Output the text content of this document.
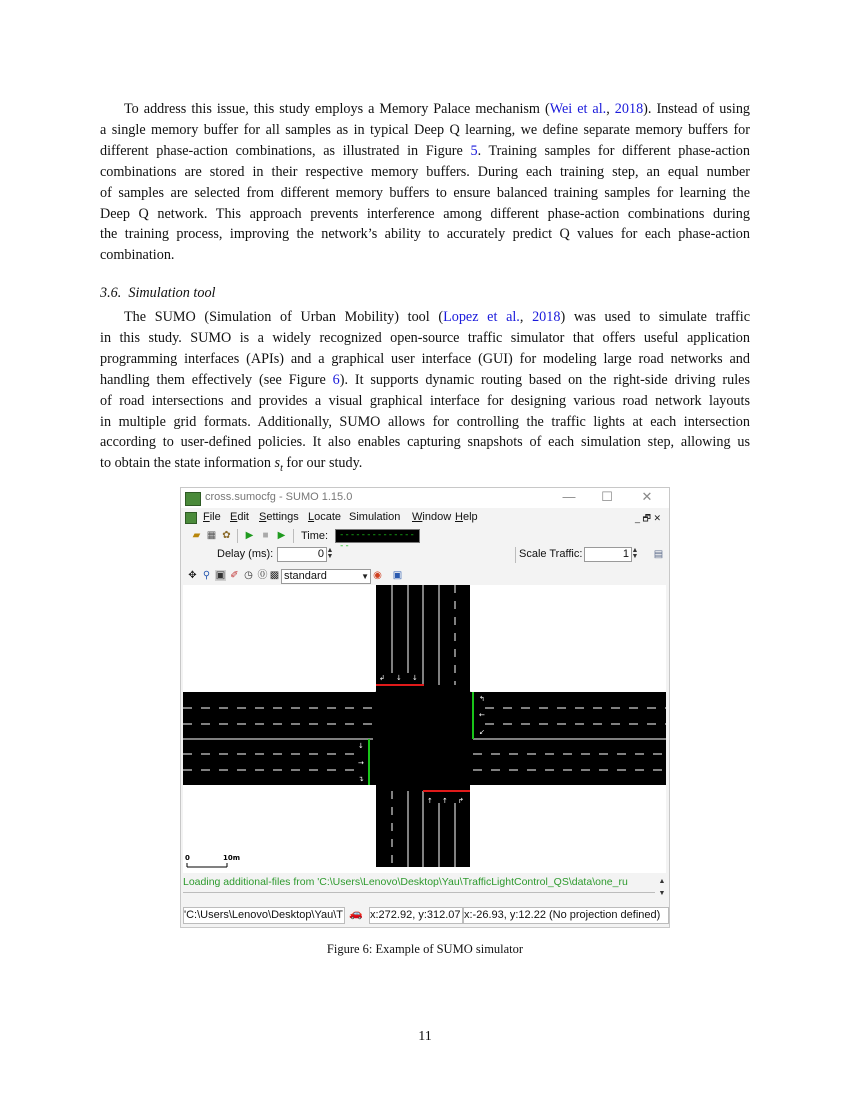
To address this issue, this study employs a Memory Palace mechanism (Wei et al., 2018). Instead of using
a single memory buffer for all samples as in typical Deep Q learning, we define separate memory buffers for
different phase-action combinations, as illustrated in Figure 5. Training samples for different phase-action
combinations are stored in their respective memory buffers. During each training step, an equal number
of samples are selected from different memory buffers to ensure balanced training samples for learning the
Deep Q network. This approach prevents interference among different phase-action combinations during
the training process, improving the network’s ability to accurately predict Q values for each phase-action
combination.
3.6. Simulation tool
The SUMO (Simulation of Urban Mobility) tool (Lopez et al., 2018) was used to simulate traffic
in this study. SUMO is a widely recognized open-source traffic simulator that offers useful application
programming interfaces (APIs) and a graphical user interface (GUI) for modeling large road networks and
handling them effectively (see Figure 6). It supports dynamic routing based on the right-side driving rules
of road intersections and provides a visual graphical interface for designing various road network layouts
in multiple grid formats. Additionally, SUMO allows for controlling the traffic lights at each intersection
according to user-defined policies. It also enables capturing snapshots of each simulation step, allowing us
to obtain the state information $s_t$ for our study.
cross.sumocfg - SUMO 1.15.0	—	☐	✕
File Edit Settings Locate Simulation Window Help	_ 🗗 ✕
▰ ▦ ✿ ▶ ■ ▶ Time: ----------------
Delay (ms):	0 ▲
▼	Scale Traffic:	1 ▲
▼ ▤
✥ ⚲ ▣ ✐ ◷ ⓪ ▩	◉ ▣
standard	▼
↲ ↓ ↓
↑ ↑ ↱
↰
←
↙
↓
→
↴
0	10m
Loading additional-files from 'C:\Users\Lenovo\Desktop\Yau\TrafficLightControl_QS\data\one_ru	▲
▼
'C:\Users\Lenovo\Desktop\Yau\T 🚗 x:272.92, y:312.07 x:-26.93, y:12.22 (No projection defined)
Figure 6: Example of SUMO simulator
11
